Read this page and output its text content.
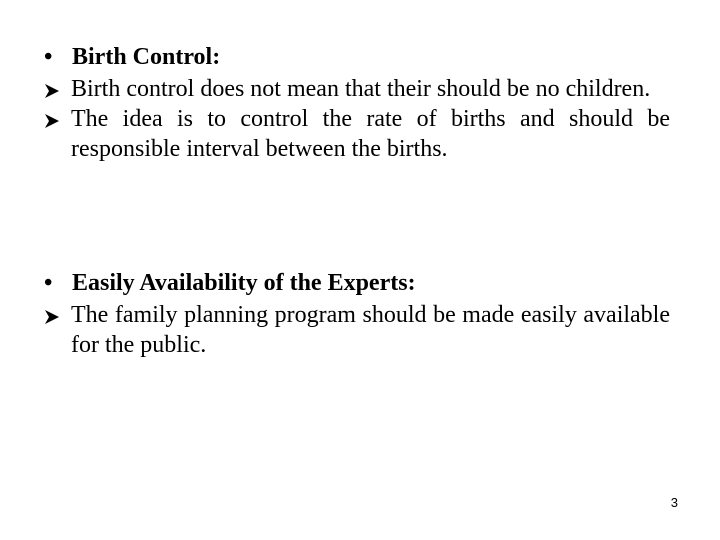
• Birth Control:
Birth control does not mean that their should be no children.
The idea is to control the rate of births and should be responsible interval between the births.
• Easily Availability of the Experts:
The family planning program should be made easily available for the public.
3
